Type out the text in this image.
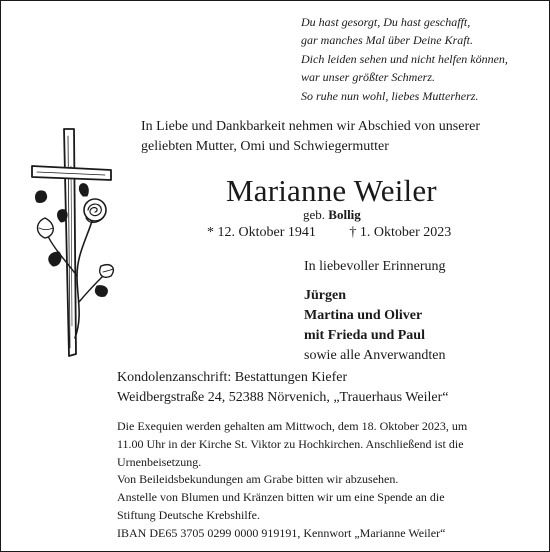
Du hast gesorgt, Du hast geschafft,
gar manches Mal über Deine Kraft.
Dich leiden sehen und nicht helfen können,
war unser größter Schmerz.
So ruhe nun wohl, liebes Mutterherz.
In Liebe und Dankbarkeit nehmen wir Abschied von unserer
geliebten Mutter, Omi und Schwiegermutter
Marianne Weiler
geb. Bollig
* 12. Oktober 1941 † 1. Oktober 2023
In liebevoller Erinnerung
Jürgen
Martina und Oliver
mit Frieda und Paul
sowie alle Anverwandten
Kondolenzanschrift: Bestattungen Kiefer
Weidbergstraße 24, 52388 Nörvenich, „Trauerhaus Weiler“
Die Exequien werden gehalten am Mittwoch, dem 18. Oktober 2023, um
11.00 Uhr in der Kirche St. Viktor zu Hochkirchen. Anschließend ist die
Urnenbeisetzung.
Von Beileidsbekundungen am Grabe bitten wir abzusehen.
Anstelle von Blumen und Kränzen bitten wir um eine Spende an die
Stiftung Deutsche Krebshilfe.
IBAN DE65 3705 0299 0000 919191, Kennwort „Marianne Weiler“
